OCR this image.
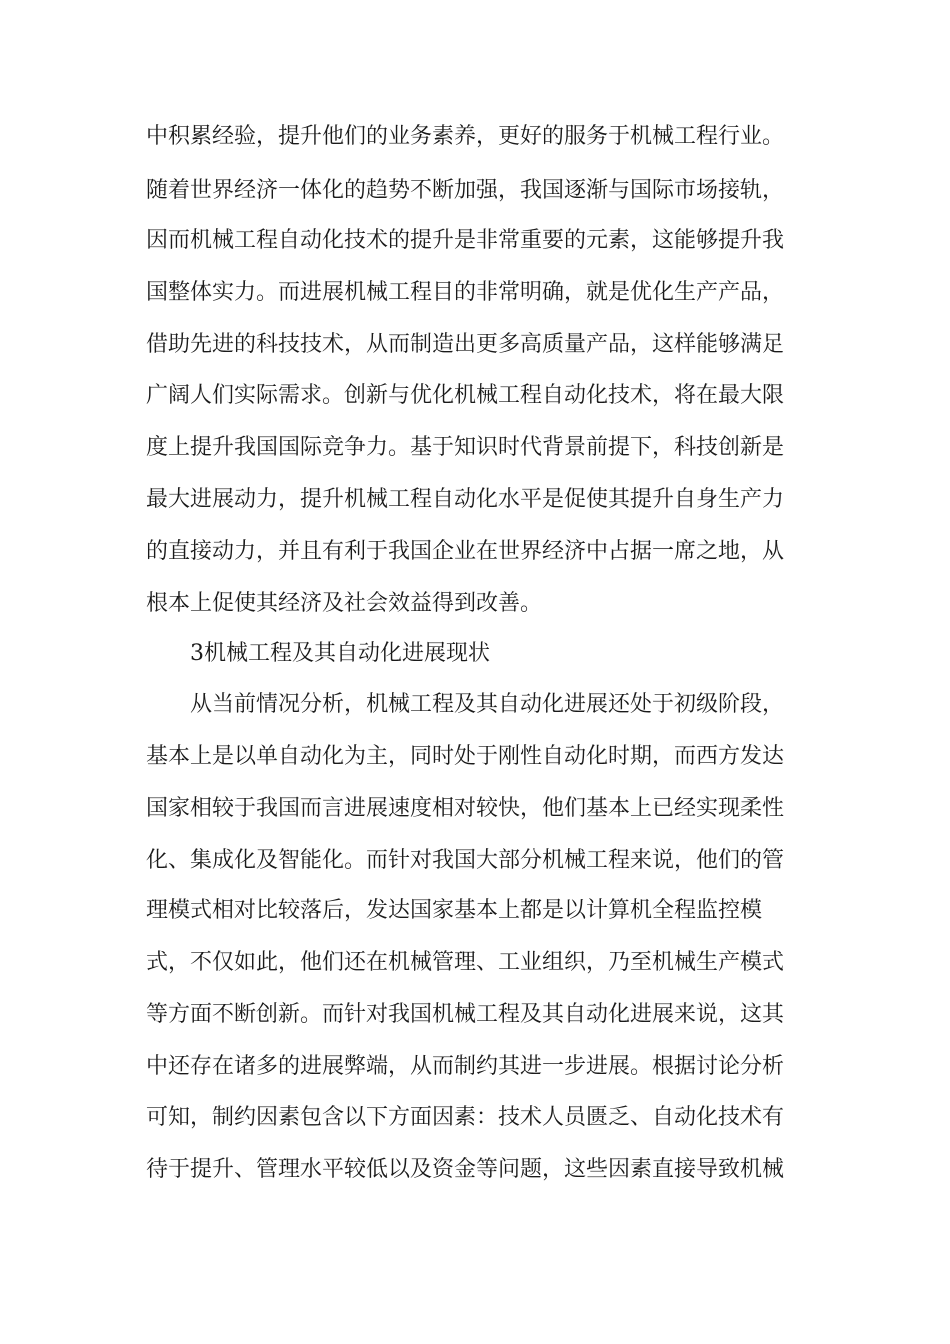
中积累经验，提升他们的业务素养，更好的服务于机械工程行业。
随着世界经济一体化的趋势不断加强，我国逐渐与国际市场接轨，
因而机械工程自动化技术的提升是非常重要的元素，这能够提升我
国整体实力。而进展机械工程目的非常明确，就是优化生产产品，
借助先进的科技技术，从而制造出更多高质量产品，这样能够满足
广阔人们实际需求。创新与优化机械工程自动化技术，将在最大限
度上提升我国国际竞争力。基于知识时代背景前提下，科技创新是
最大进展动力，提升机械工程自动化水平是促使其提升自身生产力
的直接动力，并且有利于我国企业在世界经济中占据一席之地，从
根本上促使其经济及社会效益得到改善。
3机械工程及其自动化进展现状
从当前情况分析，机械工程及其自动化进展还处于初级阶段，
基本上是以单自动化为主，同时处于刚性自动化时期，而西方发达
国家相较于我国而言进展速度相对较快，他们基本上已经实现柔性
化、集成化及智能化。而针对我国大部分机械工程来说，他们的管
理模式相对比较落后，发达国家基本上都是以计算机全程监控模
式，不仅如此，他们还在机械管理、工业组织，乃至机械生产模式
等方面不断创新。而针对我国机械工程及其自动化进展来说，这其
中还存在诸多的进展弊端，从而制约其进一步进展。根据讨论分析
可知，制约因素包含以下方面因素：技术人员匮乏、自动化技术有
待于提升、管理水平较低以及资金等问题，这些因素直接导致机械
